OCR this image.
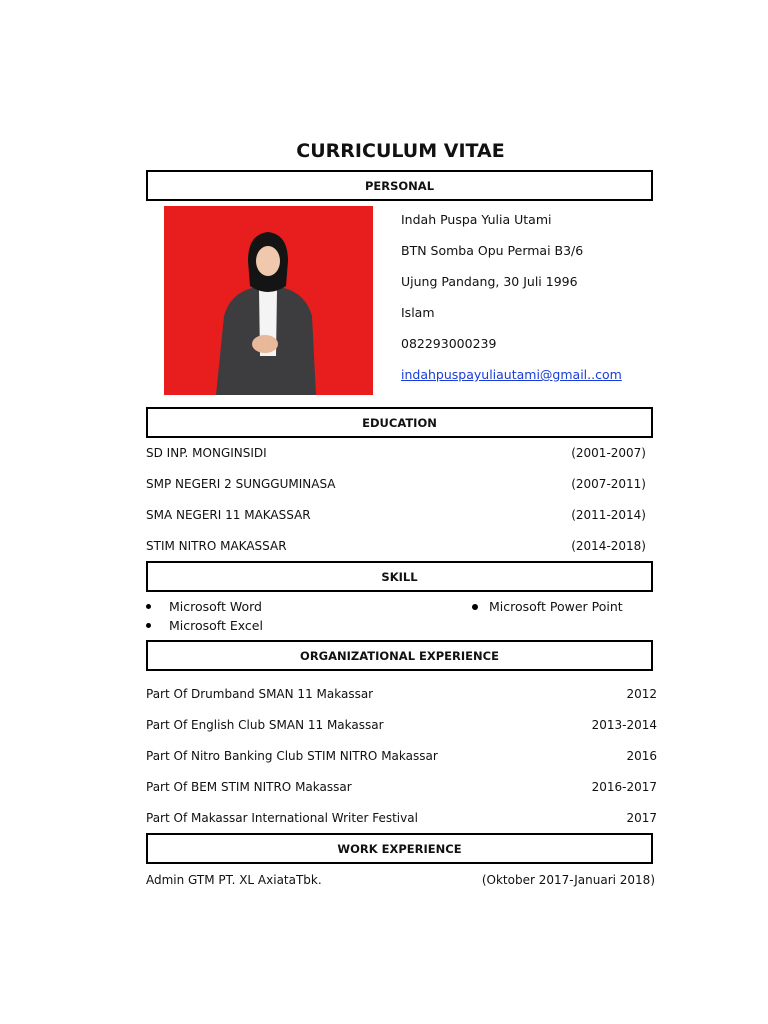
CURRICULUM VITAE
PERSONAL
Indah Puspa Yulia Utami
BTN Somba Opu Permai B3/6
Ujung Pandang, 30 Juli 1996
Islam
082293000239
indahpuspayuliautami@gmail..com
EDUCATION
SD INP. MONGINSIDI	(2001-2007)
SMP NEGERI 2 SUNGGUMINASA	(2007-2011)
SMA NEGERI 11 MAKASSAR	(2011-2014)
STIM NITRO MAKASSAR	(2014-2018)
SKILL
Microsoft Word
Microsoft Excel
Microsoft Power Point
ORGANIZATIONAL EXPERIENCE
Part Of Drumband SMAN 11 Makassar	2012
Part Of English Club SMAN 11 Makassar	2013-2014
Part Of Nitro Banking Club STIM NITRO Makassar	2016
Part Of BEM STIM NITRO Makassar	2016-2017
Part Of Makassar International Writer Festival	2017
WORK EXPERIENCE
Admin GTM PT. XL AxiataTbk.	(Oktober 2017-Januari 2018)
